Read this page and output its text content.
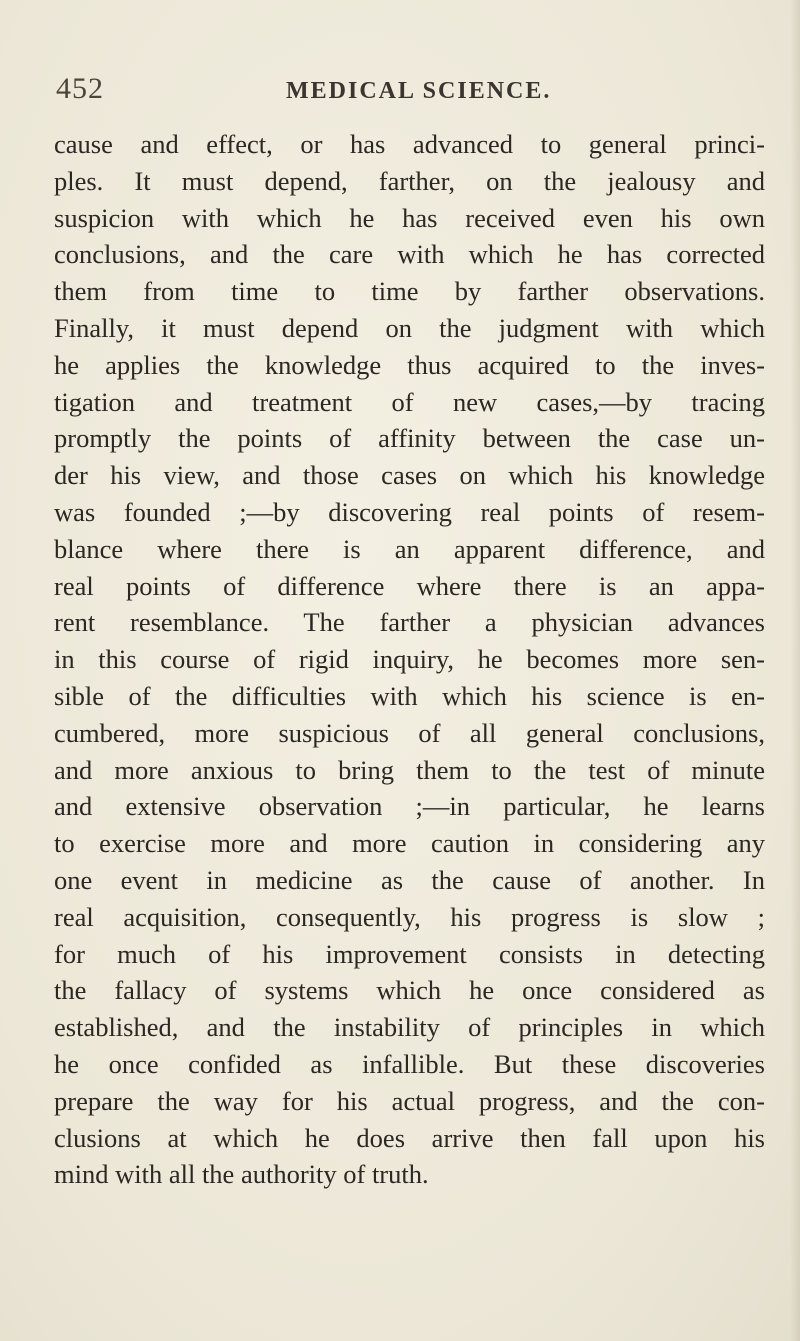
452	MEDICAL SCIENCE.
cause and effect, or has advanced to general princi-
ples. It must depend, farther, on the jealousy and
suspicion with which he has received even his own
conclusions, and the care with which he has corrected
them from time to time by farther observations.
Finally, it must depend on the judgment with which
he applies the knowledge thus acquired to the inves-
tigation and treatment of new cases,—by tracing
promptly the points of affinity between the case un-
der his view, and those cases on which his knowledge
was founded ;—by discovering real points of resem-
blance where there is an apparent difference, and
real points of difference where there is an appa-
rent resemblance. The farther a physician advances
in this course of rigid inquiry, he becomes more sen-
sible of the difficulties with which his science is en-
cumbered, more suspicious of all general conclusions,
and more anxious to bring them to the test of minute
and extensive observation ;—in particular, he learns
to exercise more and more caution in considering any
one event in medicine as the cause of another. In
real acquisition, consequently, his progress is slow ;
for much of his improvement consists in detecting
the fallacy of systems which he once considered as
established, and the instability of principles in which
he once confided as infallible. But these discoveries
prepare the way for his actual progress, and the con-
clusions at which he does arrive then fall upon his
mind with all the authority of truth.
